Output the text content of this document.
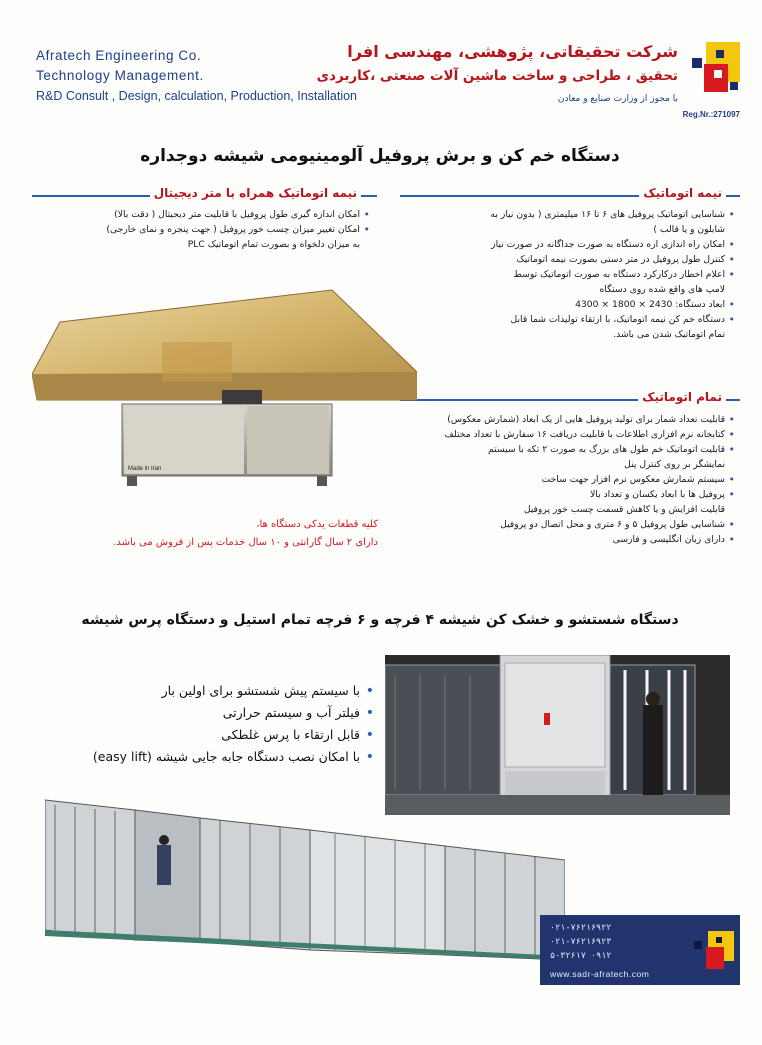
Afratech Engineering Co.
Technology Management.
R&D Consult , Design, calculation, Production, Installation
شرکت تحقیقاتی، پژوهشی، مهندسی افرا
تحقیق ، طراحی و ساخت ماشین آلات صنعتی ،کاربردی
با مجوز از وزارت صنایع و معادن
Reg.Nr.:271097
دستگاه خم کن و برش پروفیل آلومینیومی شیشه دوجداره
نیمه اتوماتیک همراه با متر دیجیتال
• امکان اندازه گیری طول پروفیل با قابلیت متر دیجیتال ( دقت بالا)
• امکان تغییر میزان چسب خور پروفیل ( جهت پنجره و نمای خارجی)
به میزان دلخواه و بصورت تمام اتوماتیک PLC
نیمه اتوماتیک
• شناسایی اتوماتیک پروفیل های ۶ تا ۱۶ میلیمتری ( بدون نیاز به
شابلون و یا قالب )
• امکان راه اندازی اره دستگاه به صورت جداگانه در صورت نیاز
• کنترل طول پروفیل در متر دستی بصورت نیمه اتوماتیک
• اعلام اخطار درکارکرد دستگاه به صورت اتوماتیک توسط
لامپ های واقع شده روی دستگاه
• ابعاد دستگاه: 2430 × 1800 × 4300
• دستگاه خم کن نیمه اتوماتیک، با ارتقاء تولیدات شما قابل
تمام اتوماتیک شدن می باشد.
تمام اتوماتیک
• قابلیت تعداد شمار برای تولید پروفیل هایی از یک ابعاد (شمارش معکوس)
• کتابخانه نرم افزاری اطلاعات با قابلیت دریافت ۱۶ سفارش با تعداد مختلف
• قابلیت اتوماتیک خم طول های بزرگ به صورت ۲ تکه با سیستم
نمایشگر بر روی کنترل پنل
• سیستم شمارش معکوس نرم افزار جهت ساخت
• پروفیل ها با ابعاد یکسان و تعداد بالا
قابلیت افزایش و یا کاهش قسمت چسب خور پروفیل
• شناسایی طول پروفیل ۵ و ۶ متری و محل اتصال دو پروفیل
• دارای زبان انگلیسی و فارسی
Made in Iran
کلیه قطعات یدکی دستگاه ها،
دارای ۲ سال گارانتی و ۱۰ سال خدمات پس از فروش می باشد.
دستگاه شستشو و خشک کن شیشه ۴ فرچه و ۶ فرچه تمام استیل و دستگاه پرس شیشه
• با سیستم پیش شستشو برای اولین بار
• فیلتر آب و سیستم حرارتی
• قابل ارتقاء با پرس غلطکی
• با امکان نصب دستگاه جابه جایی شیشه (easy lift)
۰۲۱-۷۶۲۱۶۹۲۲
۰۲۱-۷۶۲۱۶۹۲۳
۰۹۱۲ ۵۰۳۲۶۱۷
www.sadr-afratech.com
